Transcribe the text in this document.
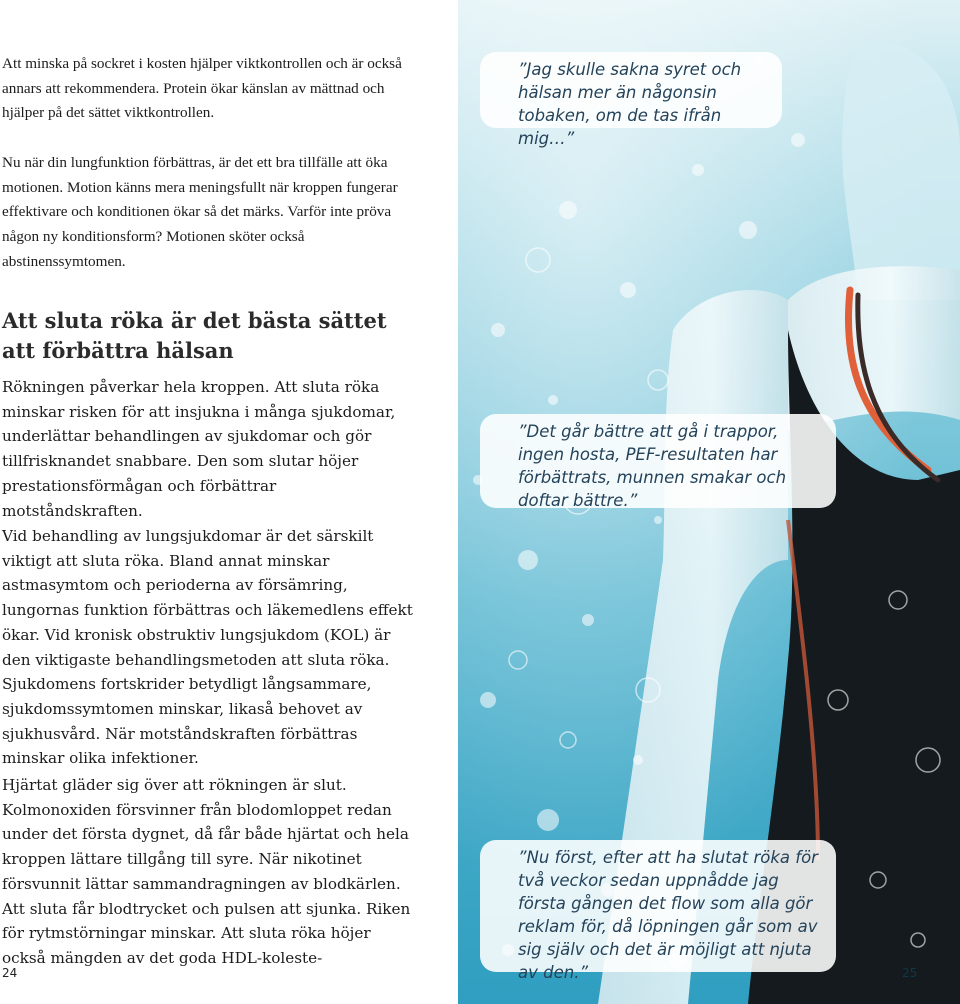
Att minska på sockret i kosten hjälper viktkontrollen och är också annars att rekommendera. Protein ökar känslan av mättnad och hjälper på det sättet viktkontrollen.

Nu när din lungfunktion förbättras, är det ett bra tillfälle att öka motionen. Motion känns mera meningsfullt när kroppen fungerar effektivare och konditionen ökar så det märks. Varför inte pröva någon ny konditionsform? Motionen sköter också abstinenssymtomen.

Att sluta röka är det bästa sättet att förbättra hälsan

Rökningen påverkar hela kroppen. Att sluta röka minskar risken för att insjukna i många sjukdomar, underlättar behandlingen av sjukdomar och gör tillfrisknandet snabbare. Den som slutar höjer prestationsförmågan och förbättrar motståndskraften.

Vid behandling av lungsjukdomar är det särskilt viktigt att sluta röka. Bland annat minskar astmasymtom och perioderna av försämring, lungornas funktion förbättras och läkemedlens effekt ökar. Vid kronisk obstruktiv lungsjukdom (KOL) är den viktigaste behandlingsmetoden att sluta röka. Sjukdomens fortskrider betydligt långsammare, sjukdomssymtomen minskar, likaså behovet av sjukhusvård. När motståndskraften förbättras minskar olika infektioner.

Hjärtat gläder sig över att rökningen är slut. Kolmonoxiden försvinner från blodomloppet redan under det första dygnet, då får både hjärtat och hela kroppen lättare tillgång till syre. När nikotinet försvunnit lättar sammandragningen av blodkärlen. Att sluta får blodtrycket och pulsen att sjunka. Riken för rytmstörningar minskar. Att sluta röka höjer också mängden av det goda HDL-koleste-

24
”Jag skulle sakna syret och hälsan mer än någonsin tobaken, om de tas ifrån mig…”
”Det går bättre att gå i trappor, ingen hosta, PEF-resultaten har förbättrats, munnen smakar och doftar bättre.”
”Nu först, efter att ha slutat röka för två veckor sedan uppnådde jag första gången det flow som alla gör reklam för, då löpningen går som av sig själv och det är möjligt att njuta av den.”	25
